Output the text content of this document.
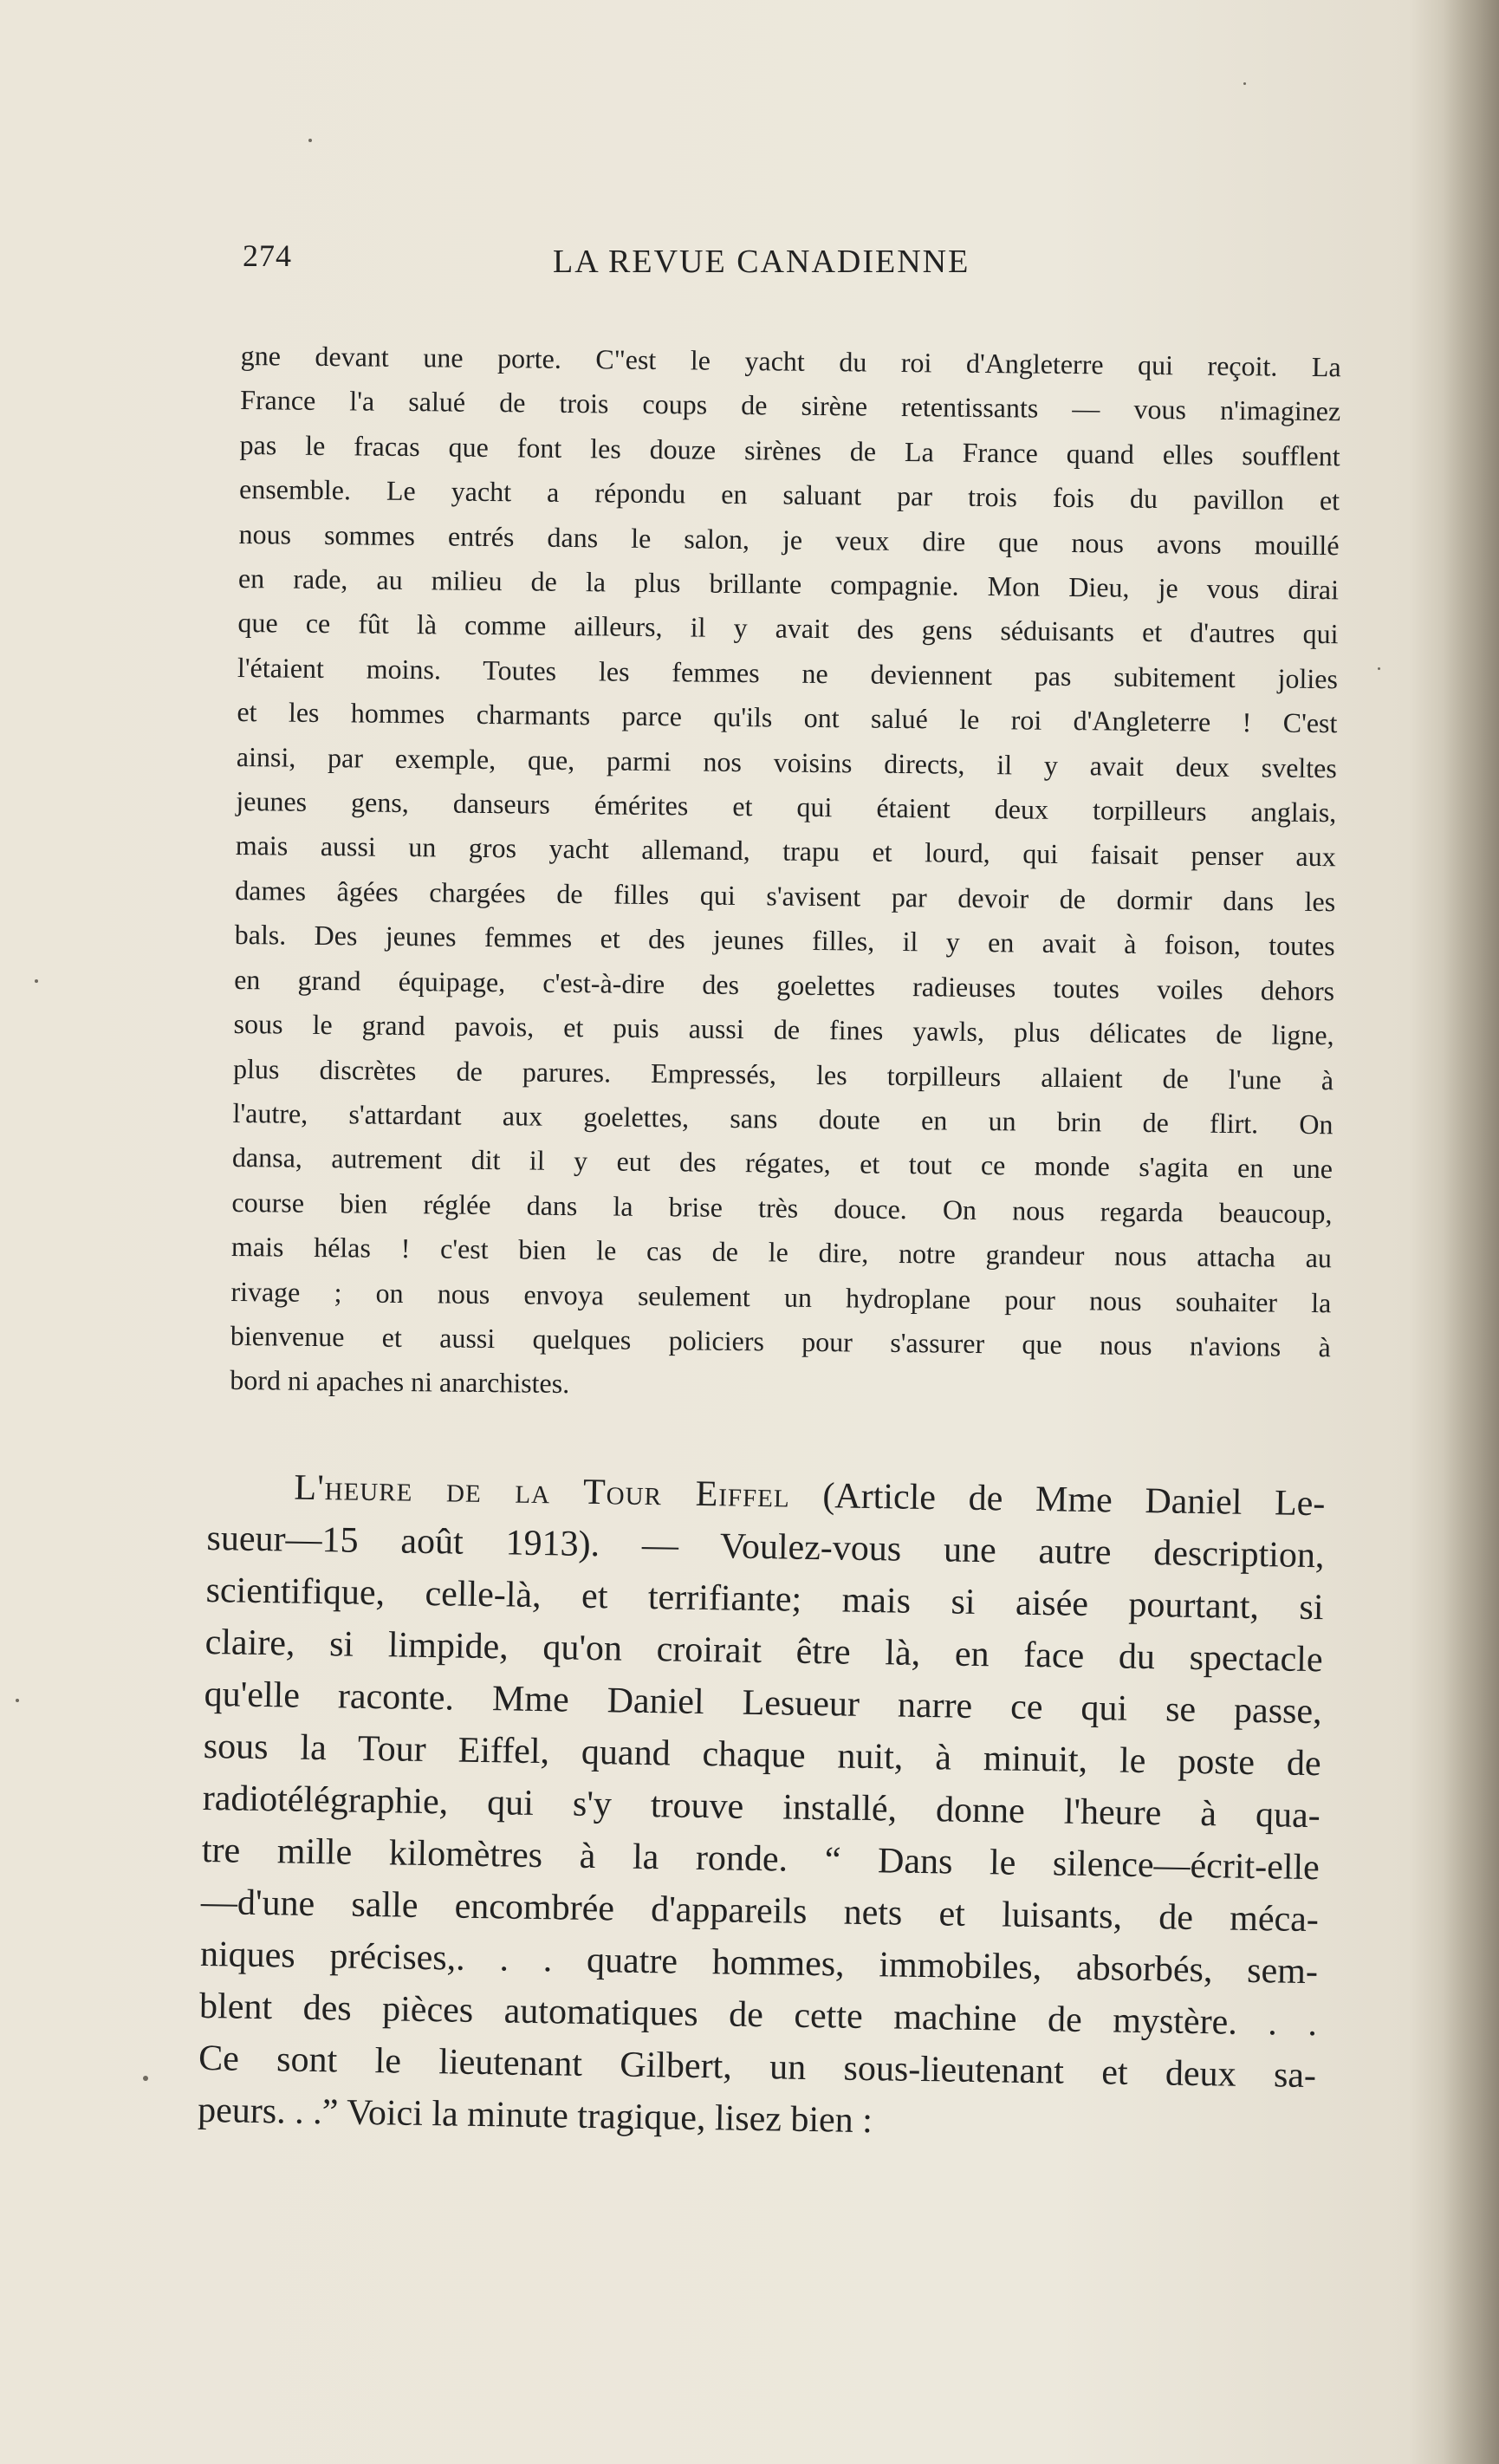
274	LA REVUE CANADIENNE
gne devant une porte. C"est le yacht du roi d'Angleterre qui reçoit. La
France l'a salué de trois coups de sirène retentissants — vous n'imaginez
pas le fracas que font les douze sirènes de La France quand elles soufflent
ensemble. Le yacht a répondu en saluant par trois fois du pavillon et
nous sommes entrés dans le salon, je veux dire que nous avons mouillé
en rade, au milieu de la plus brillante compagnie. Mon Dieu, je vous dirai
que ce fût là comme ailleurs, il y avait des gens séduisants et d'autres qui
l'étaient moins. Toutes les femmes ne deviennent pas subitement jolies
et les hommes charmants parce qu'ils ont salué le roi d'Angleterre ! C'est
ainsi, par exemple, que, parmi nos voisins directs, il y avait deux sveltes
jeunes gens, danseurs émérites et qui étaient deux torpilleurs anglais,
mais aussi un gros yacht allemand, trapu et lourd, qui faisait penser aux
dames âgées chargées de filles qui s'avisent par devoir de dormir dans les
bals. Des jeunes femmes et des jeunes filles, il y en avait à foison, toutes
en grand équipage, c'est-à-dire des goelettes radieuses toutes voiles dehors
sous le grand pavois, et puis aussi de fines yawls, plus délicates de ligne,
plus discrètes de parures. Empressés, les torpilleurs allaient de l'une à
l'autre, s'attardant aux goelettes, sans doute en un brin de flirt. On
dansa, autrement dit il y eut des régates, et tout ce monde s'agita en une
course bien réglée dans la brise très douce. On nous regarda beaucoup,
mais hélas ! c'est bien le cas de le dire, notre grandeur nous attacha au
rivage ; on nous envoya seulement un hydroplane pour nous souhaiter la
bienvenue et aussi quelques policiers pour s'assurer que nous n'avions à
bord ni apaches ni anarchistes.
L'heure de la Tour Eiffel (Article de Mme Daniel Le-
sueur—15 août 1913). — Voulez-vous une autre description,
scientifique, celle-là, et terrifiante; mais si aisée pourtant, si
claire, si limpide, qu'on croirait être là, en face du spectacle
qu'elle raconte. Mme Daniel Lesueur narre ce qui se passe,
sous la Tour Eiffel, quand chaque nuit, à minuit, le poste de
radiotélégraphie, qui s'y trouve installé, donne l'heure à qua-
tre mille kilomètres à la ronde. “ Dans le silence—écrit-elle
—d'une salle encombrée d'appareils nets et luisants, de méca-
niques précises,. . . quatre hommes, immobiles, absorbés, sem-
blent des pièces automatiques de cette machine de mystère. . .
Ce sont le lieutenant Gilbert, un sous-lieutenant et deux sa-
peurs. . .” Voici la minute tragique, lisez bien :
